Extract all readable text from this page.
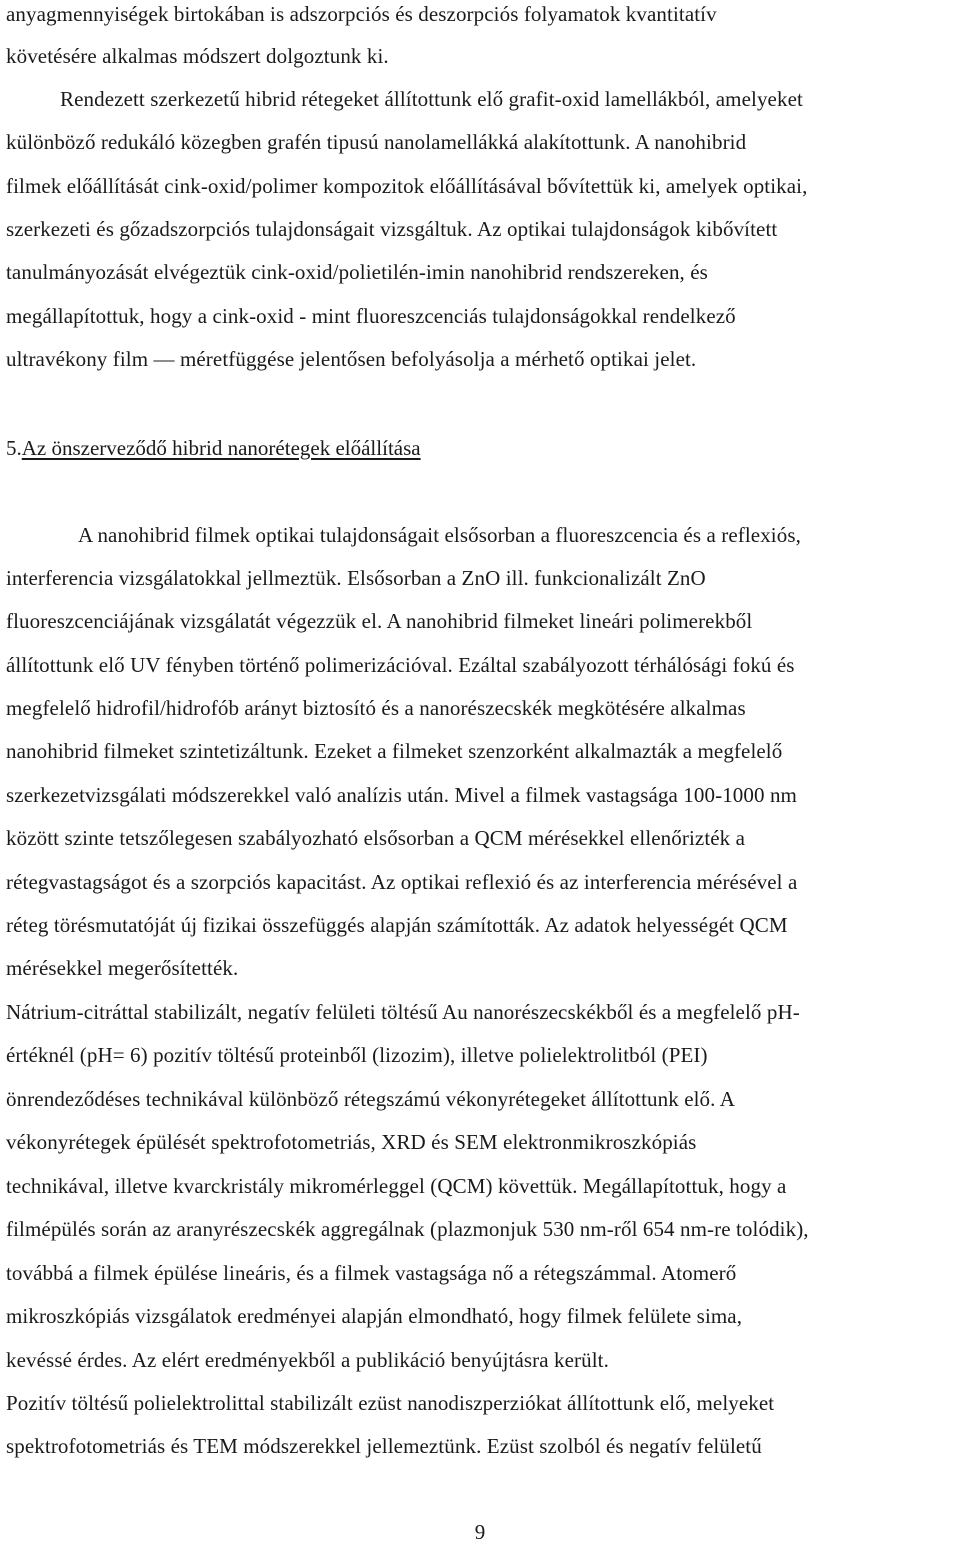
anyagmennyiségek birtokában is adszorpciós és deszorpciós folyamatok kvantitatív
követésére alkalmas módszert dolgoztunk ki.
Rendezett szerkezetű hibrid rétegeket állítottunk elő grafit-oxid lamellákból, amelyeket
különböző redukáló közegben grafén tipusú nanolamellákká alakítottunk. A nanohibrid
filmek előállítását cink-oxid/polimer kompozitok előállításával bővítettük ki, amelyek optikai,
szerkezeti és gőzadszorpciós tulajdonságait vizsgáltuk. Az optikai tulajdonságok kibővített
tanulmányozását elvégeztük cink-oxid/polietilén-imin nanohibrid rendszereken, és
megállapítottuk, hogy a cink-oxid - mint fluoreszcenciás tulajdonságokkal rendelkező
ultravékony film — méretfüggése jelentősen befolyásolja a mérhető optikai jelet.
5.Az önszerveződő hibrid nanorétegek előállítása
A nanohibrid filmek optikai tulajdonságait elsősorban a fluoreszcencia és a reflexiós,
interferencia vizsgálatokkal jellmeztük. Elsősorban a ZnO ill. funkcionalizált ZnO
fluoreszcenciájának vizsgálatát végezzük el. A nanohibrid filmeket lineári polimerekből
állítottunk elő UV fényben történő polimerizációval. Ezáltal szabályozott térhálósági fokú és
megfelelő hidrofil/hidrofób arányt biztosító és a nanorészecskék megkötésére alkalmas
nanohibrid filmeket szintetizáltunk. Ezeket a filmeket szenzorként alkalmazták a megfelelő
szerkezetvizsgálati módszerekkel való analízis után. Mivel a filmek vastagsága 100-1000 nm
között szinte tetszőlegesen szabályozható elsősorban a QCM mérésekkel ellenőrizték a
rétegvastagságot és a szorpciós kapacitást. Az optikai reflexió és az interferencia mérésével a
réteg törésmutatóját új fizikai összefüggés alapján számították. Az adatok helyességét QCM
mérésekkel megerősítették.
Nátrium-citráttal stabilizált, negatív felületi töltésű Au nanorészecskékből és a megfelelő pH-
értéknél (pH= 6) pozitív töltésű proteinből (lizozim), illetve polielektrolitból (PEI)
önrendeződéses technikával különböző rétegszámú vékonyrétegeket állítottunk elő. A
vékonyrétegek épülését spektrofotometriás, XRD és SEM elektronmikroszkópiás
technikával, illetve kvarckristály mikromérleggel (QCM) követtük. Megállapítottuk, hogy a
filmépülés során az aranyrészecskék aggregálnak (plazmonjuk 530 nm-ről 654 nm-re tolódik),
továbbá a filmek épülése lineáris, és a filmek vastagsága nő a rétegszámmal. Atomerő
mikroszkópiás vizsgálatok eredményei alapján elmondható, hogy filmek felülete sima,
kevéssé érdes. Az elért eredményekből a publikáció benyújtásra került.
Pozitív töltésű polielektrolittal stabilizált ezüst nanodiszperziókat állítottunk elő, melyeket
spektrofotometriás és TEM módszerekkel jellemeztünk. Ezüst szolból és negatív felületű
9
